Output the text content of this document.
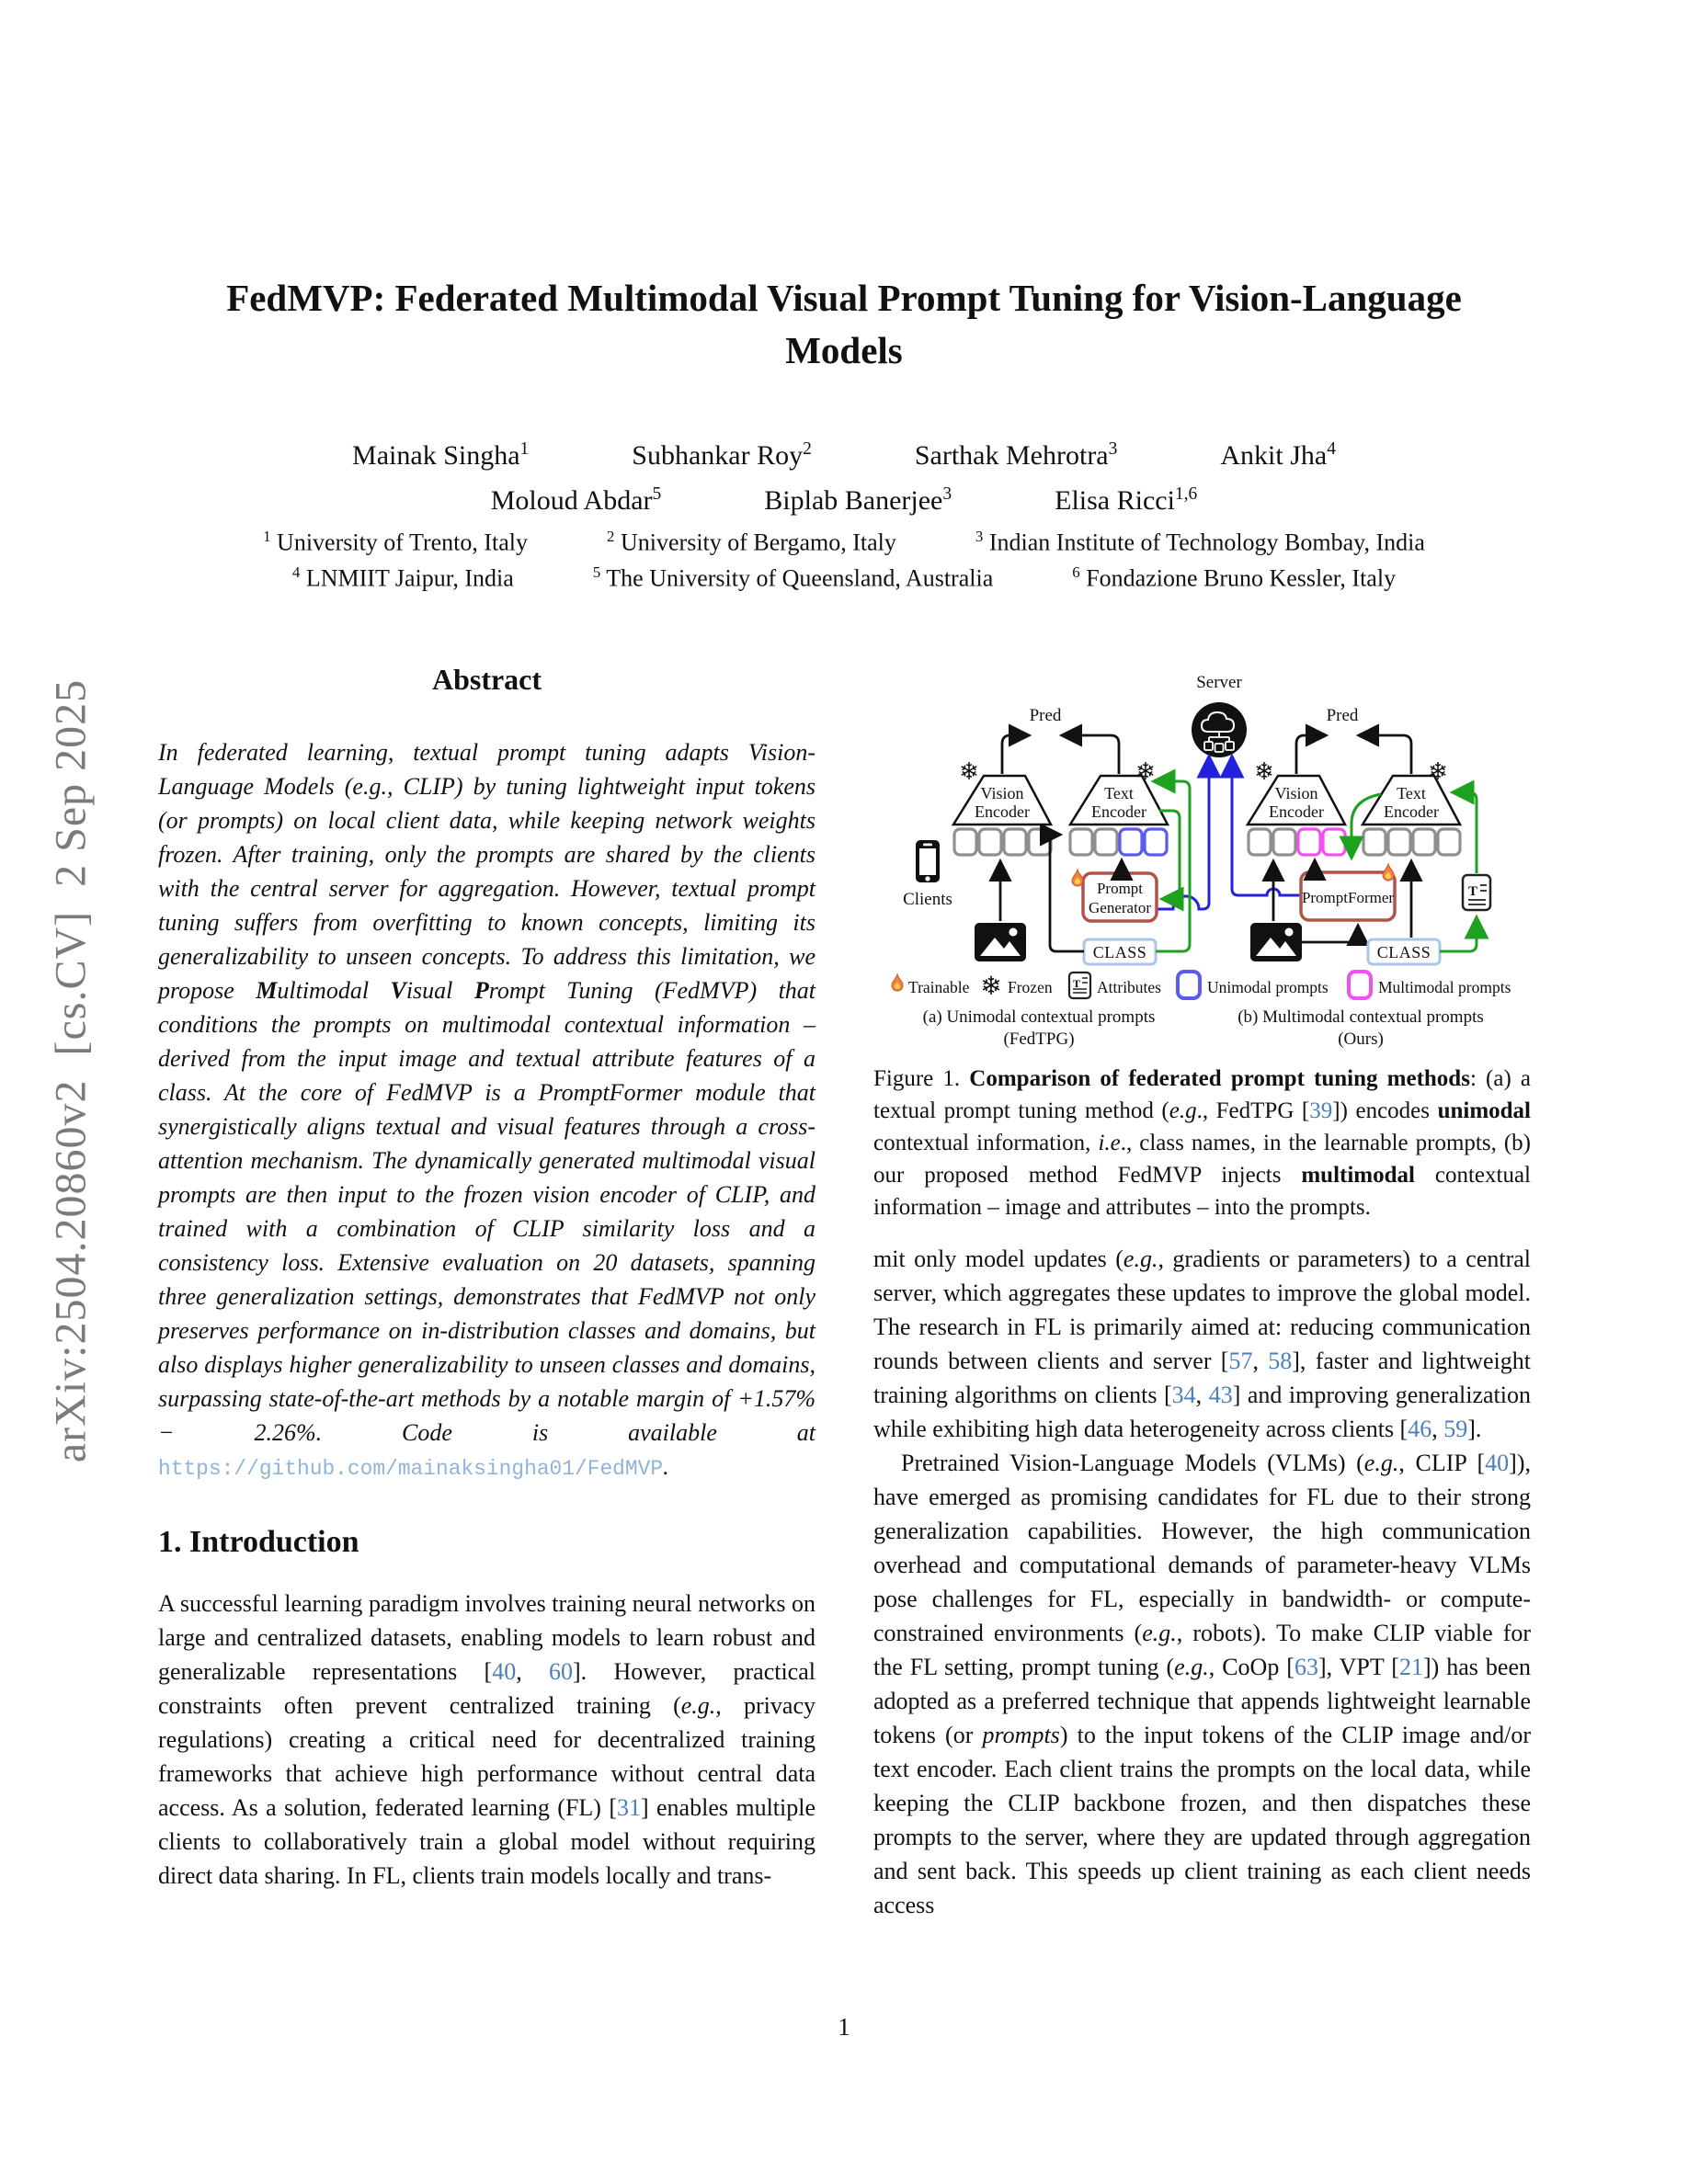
arXiv:2504.20860v2  [cs.CV]  2 Sep 2025
FedMVP: Federated Multimodal Visual Prompt Tuning for Vision-Language Models
Mainak Singha$^1$	Subhankar Roy$^2$	Sarthak Mehrotra$^3$	Ankit Jha$^4$
Moloud Abdar$^5$	Biplab Banerjee$^3$	Elisa Ricci$^{1,6}$
$^1$ University of Trento, Italy	$^2$ University of Bergamo, Italy	$^3$ Indian Institute of Technology Bombay, India
$^4$ LNMIIT Jaipur, India	$^5$ The University of Queensland, Australia	$^6$ Fondazione Bruno Kessler, Italy
Abstract

In federated learning, textual prompt tuning adapts Vision-Language Models (e.g., CLIP) by tuning lightweight input tokens (or prompts) on local client data, while keeping network weights frozen. After training, only the prompts are shared by the clients with the central server for aggregation. However, textual prompt tuning suffers from overfitting to known concepts, limiting its generalizability to unseen concepts. To address this limitation, we propose Multimodal Visual Prompt Tuning (FedMVP) that conditions the prompts on multimodal contextual information – derived from the input image and textual attribute features of a class. At the core of FedMVP is a PromptFormer module that synergistically aligns textual and visual features through a cross-attention mechanism. The dynamically generated multimodal visual prompts are then input to the frozen vision encoder of CLIP, and trained with a combination of CLIP similarity loss and a consistency loss. Extensive evaluation on 20 datasets, spanning three generalization settings, demonstrates that FedMVP not only preserves performance on in-distribution classes and domains, but also displays higher generalizability to unseen classes and domains, surpassing state-of-the-art methods by a notable margin of +1.57% − 2.26%. Code is available at https://github.com/mainaksingha01/FedMVP.

1. Introduction

A successful learning paradigm involves training neural networks on large and centralized datasets, enabling models to learn robust and generalizable representations [40, 60]. However, practical constraints often prevent centralized training (e.g., privacy regulations) creating a critical need for decentralized training frameworks that achieve high performance without central data access. As a solution, federated learning (FL) [31] enables multiple clients to collaboratively train a global model without requiring direct data sharing. In FL, clients train models locally and trans-

Server
Pred
Vision
Encoder
❄
Text
Encoder
❄
Clients
Prompt
Generator
CLASS
Pred
Vision
Encoder
❄
Text
Encoder
❄
PromptFormer
CLASS
T
Trainable ❄ Frozen T Attributes	Unimodal prompts	Multimodal prompts
(a) Unimodal contextual prompts
(FedTPG)
(b) Multimodal contextual prompts
(Ours)

Figure 1. Comparison of federated prompt tuning methods: (a) a textual prompt tuning method (e.g., FedTPG [39]) encodes unimodal contextual information, i.e., class names, in the learnable prompts, (b) our proposed method FedMVP injects multimodal contextual information – image and attributes – into the prompts.

mit only model updates (e.g., gradients or parameters) to a central server, which aggregates these updates to improve the global model. The research in FL is primarily aimed at: reducing communication rounds between clients and server [57, 58], faster and lightweight training algorithms on clients [34, 43] and improving generalization while exhibiting high data heterogeneity across clients [46, 59].

Pretrained Vision-Language Models (VLMs) (e.g., CLIP [40]), have emerged as promising candidates for FL due to their strong generalization capabilities. However, the high communication overhead and computational demands of parameter-heavy VLMs pose challenges for FL, especially in bandwidth- or compute-constrained environments (e.g., robots). To make CLIP viable for the FL setting, prompt tuning (e.g., CoOp [63], VPT [21]) has been adopted as a preferred technique that appends lightweight learnable tokens (or prompts) to the input tokens of the CLIP image and/or text encoder. Each client trains the prompts on the local data, while keeping the CLIP backbone frozen, and then dispatches these prompts to the server, where they are updated through aggregation and sent back. This speeds up client training as each client needs access

1
